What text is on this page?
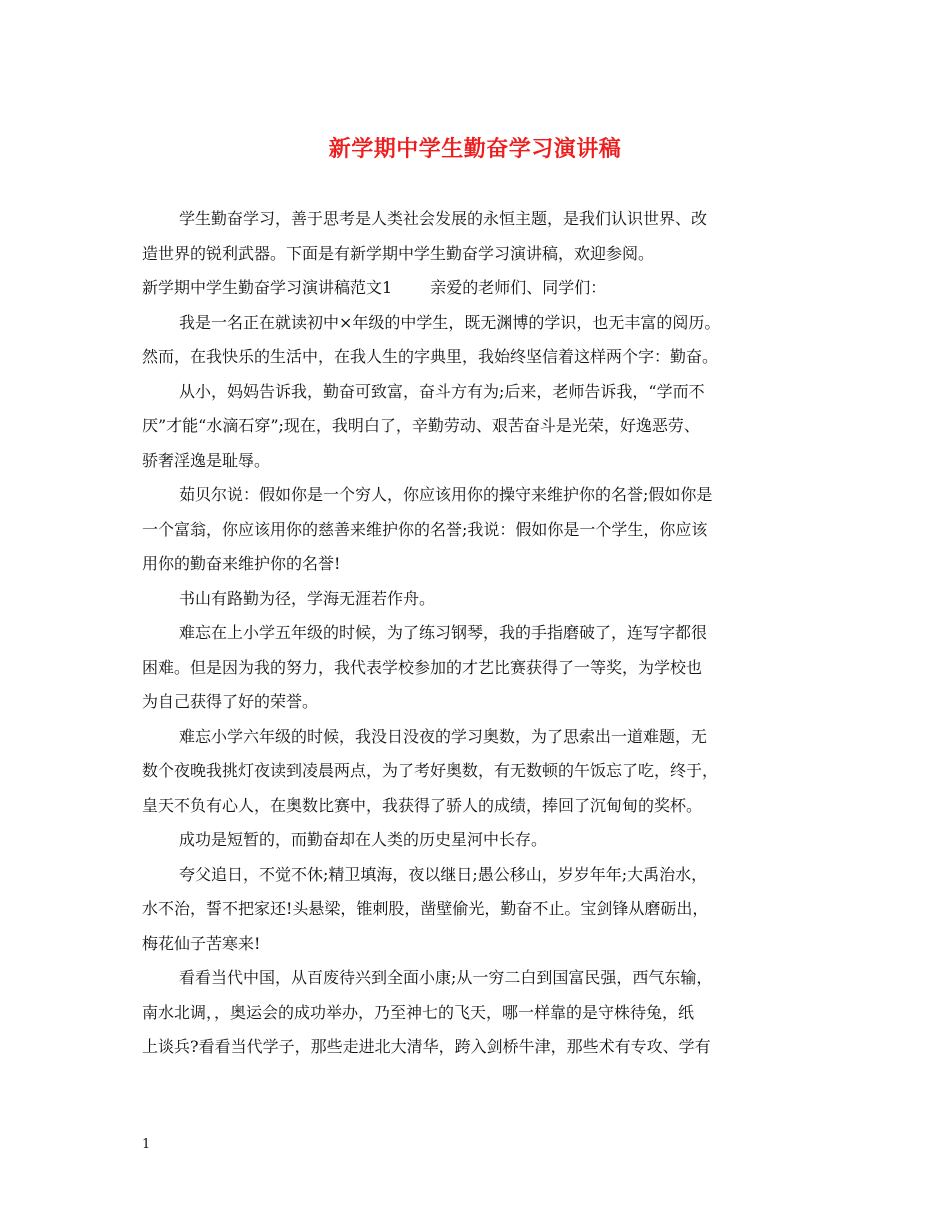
新学期中学生勤奋学习演讲稿
学生勤奋学习，善于思考是人类社会发展的永恒主题，是我们认识世界、改
造世界的锐利武器。下面是有新学期中学生勤奋学习演讲稿，欢迎参阅。
新学期中学生勤奋学习演讲稿范文1 亲爱的老师们、同学们：
我是一名正在就读初中×年级的中学生，既无渊博的学识，也无丰富的阅历。
然而，在我快乐的生活中，在我人生的字典里，我始终坚信着这样两个字：勤奋。
从小，妈妈告诉我，勤奋可致富，奋斗方有为;后来，老师告诉我，“学而不
厌”才能“水滴石穿”;现在，我明白了，辛勤劳动、艰苦奋斗是光荣，好逸恶劳、
骄奢淫逸是耻辱。
茹贝尔说：假如你是一个穷人，你应该用你的操守来维护你的名誉;假如你是
一个富翁，你应该用你的慈善来维护你的名誉;我说：假如你是一个学生，你应该
用你的勤奋来维护你的名誉!
书山有路勤为径，学海无涯若作舟。
难忘在上小学五年级的时候，为了练习钢琴，我的手指磨破了，连写字都很
困难。但是因为我的努力，我代表学校参加的才艺比赛获得了一等奖，为学校也
为自己获得了好的荣誉。
难忘小学六年级的时候，我没日没夜的学习奥数，为了思索出一道难题，无
数个夜晚我挑灯夜读到凌晨两点，为了考好奥数，有无数顿的午饭忘了吃，终于，
皇天不负有心人，在奥数比赛中，我获得了骄人的成绩，捧回了沉甸甸的奖杯。
成功是短暂的，而勤奋却在人类的历史星河中长存。
夸父追日，不觉不休;精卫填海，夜以继日;愚公移山，岁岁年年;大禹治水，
水不治，誓不把家还!头悬梁，锥刺股，凿壁偷光，勤奋不止。宝剑锋从磨砺出，
梅花仙子苦寒来!
看看当代中国，从百废待兴到全面小康;从一穷二白到国富民强，西气东输，
南水北调，，奥运会的成功举办，乃至神七的飞天，哪一样靠的是守株待兔，纸
上谈兵?看看当代学子，那些走进北大清华，跨入剑桥牛津，那些术有专攻、学有
1
